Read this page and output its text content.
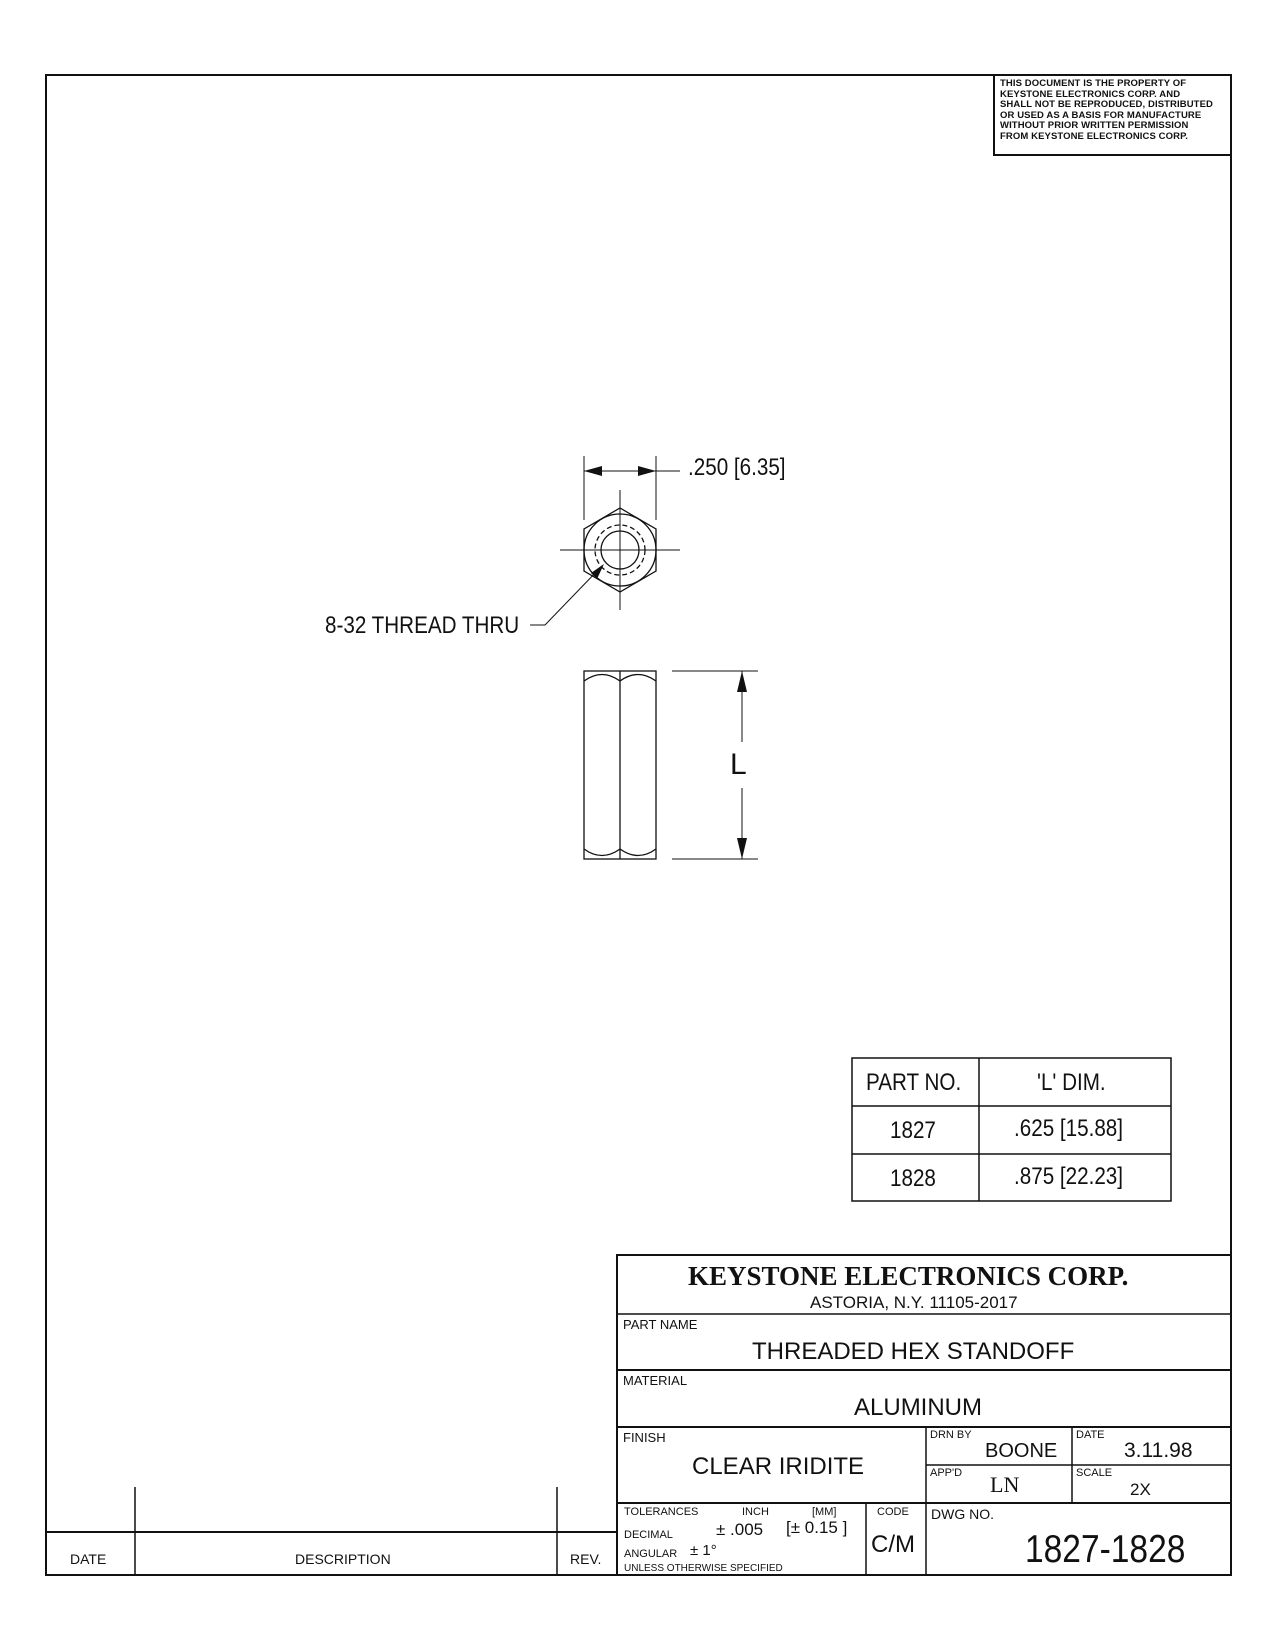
THIS DOCUMENT IS THE PROPERTY OF
KEYSTONE ELECTRONICS CORP. AND
SHALL NOT BE REPRODUCED, DISTRIBUTED
OR USED AS A BASIS FOR MANUFACTURE
WITHOUT PRIOR WRITTEN PERMISSION
FROM KEYSTONE ELECTRONICS CORP.
.250 [6.35]
8-32 THREAD THRU
L
PART NO.	'L' DIM.
1827	.625 [15.88]
1828	.875 [22.23]
KEYSTONE ELECTRONICS CORP.
ASTORIA, N.Y. 11105-2017
PART NAME
THREADED HEX STANDOFF
MATERIAL
ALUMINUM
FINISH
CLEAR IRIDITE
DRN BY
BOONE
DATE
3.11.98
APP'D LN	SCALE
2X
TOLERANCES	INCH	[MM]
DECIMAL	± .005 [± 0.15 ]
ANGULAR ± 1°
UNLESS OTHERWISE SPECIFIED
CODE
C/M
DWG NO.
1827-1828
DATE	DESCRIPTION	REV.
